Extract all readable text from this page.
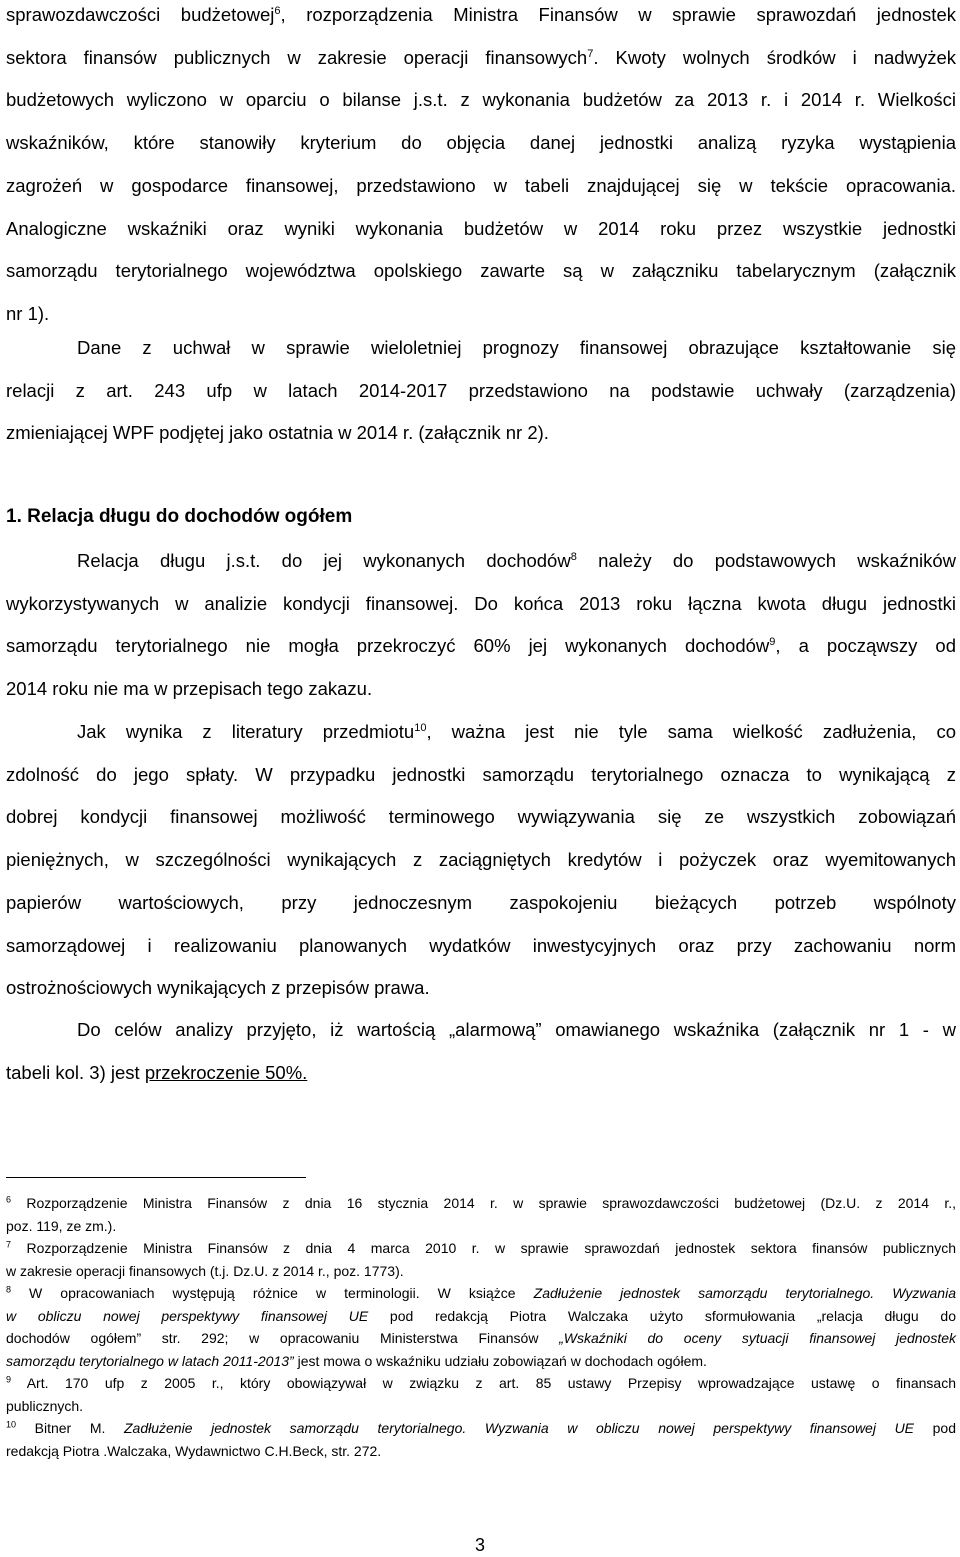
sprawozdawczości budżetowej$^6$, rozporządzenia Ministra Finansów w sprawie sprawozdań jednostek
sektora finansów publicznych w zakresie operacji finansowych$^7$. Kwoty wolnych środków i nadwyżek
budżetowych wyliczono w oparciu o bilanse j.s.t. z wykonania budżetów za 2013 r. i 2014 r. Wielkości
wskaźników, które stanowiły kryterium do objęcia danej jednostki analizą ryzyka wystąpienia
zagrożeń w gospodarce finansowej, przedstawiono w tabeli znajdującej się w tekście opracowania.
Analogiczne wskaźniki oraz wyniki wykonania budżetów w 2014 roku przez wszystkie jednostki
samorządu terytorialnego województwa opolskiego zawarte są w załączniku tabelarycznym (załącznik
nr 1).
Dane z uchwał w sprawie wieloletniej prognozy finansowej obrazujące kształtowanie się
relacji z art. 243 ufp w latach 2014-2017 przedstawiono na podstawie uchwały (zarządzenia)
zmieniającej WPF podjętej jako ostatnia w 2014 r. (załącznik nr 2).
1. Relacja długu do dochodów ogółem
Relacja długu j.s.t. do jej wykonanych dochodów$^8$ należy do podstawowych wskaźników
wykorzystywanych w analizie kondycji finansowej. Do końca 2013 roku łączna kwota długu jednostki
samorządu terytorialnego nie mogła przekroczyć 60% jej wykonanych dochodów$^9$, a począwszy od
2014 roku nie ma w przepisach tego zakazu.
Jak wynika z literatury przedmiotu$^{10}$, ważna jest nie tyle sama wielkość zadłużenia, co
zdolność do jego spłaty. W przypadku jednostki samorządu terytorialnego oznacza to wynikającą z
dobrej kondycji finansowej możliwość terminowego wywiązywania się ze wszystkich zobowiązań
pieniężnych, w szczególności wynikających z zaciągniętych kredytów i pożyczek oraz wyemitowanych
papierów wartościowych, przy jednoczesnym zaspokojeniu bieżących potrzeb wspólnoty
samorządowej i realizowaniu planowanych wydatków inwestycyjnych oraz przy zachowaniu norm
ostrożnościowych wynikających z przepisów prawa.
Do celów analizy przyjęto, iż wartością „alarmową” omawianego wskaźnika (załącznik nr 1 - w
tabeli kol. 3) jest przekroczenie 50%.
$^6$ Rozporządzenie Ministra Finansów z dnia 16 stycznia 2014 r. w sprawie sprawozdawczości budżetowej (Dz.U. z 2014 r.,
poz. 119, ze zm.).
$^7$ Rozporządzenie Ministra Finansów z dnia 4 marca 2010 r. w sprawie sprawozdań jednostek sektora finansów publicznych
w zakresie operacji finansowych (t.j. Dz.U. z 2014 r., poz. 1773).
$^8$ W opracowaniach występują różnice w terminologii. W książce Zadłużenie jednostek samorządu terytorialnego. Wyzwania
w obliczu nowej perspektywy finansowej UE pod redakcją Piotra Walczaka użyto sformułowania „relacja długu do
dochodów ogółem” str. 292; w opracowaniu Ministerstwa Finansów „Wskaźniki do oceny sytuacji finansowej jednostek
samorządu terytorialnego w latach 2011-2013” jest mowa o wskaźniku udziału zobowiązań w dochodach ogółem.
$^9$ Art. 170 ufp z 2005 r., który obowiązywał w związku z art. 85 ustawy Przepisy wprowadzające ustawę o finansach
publicznych.
$^{10}$ Bitner M. Zadłużenie jednostek samorządu terytorialnego. Wyzwania w obliczu nowej perspektywy finansowej UE pod
redakcją Piotra .Walczaka, Wydawnictwo C.H.Beck, str. 272.
3
